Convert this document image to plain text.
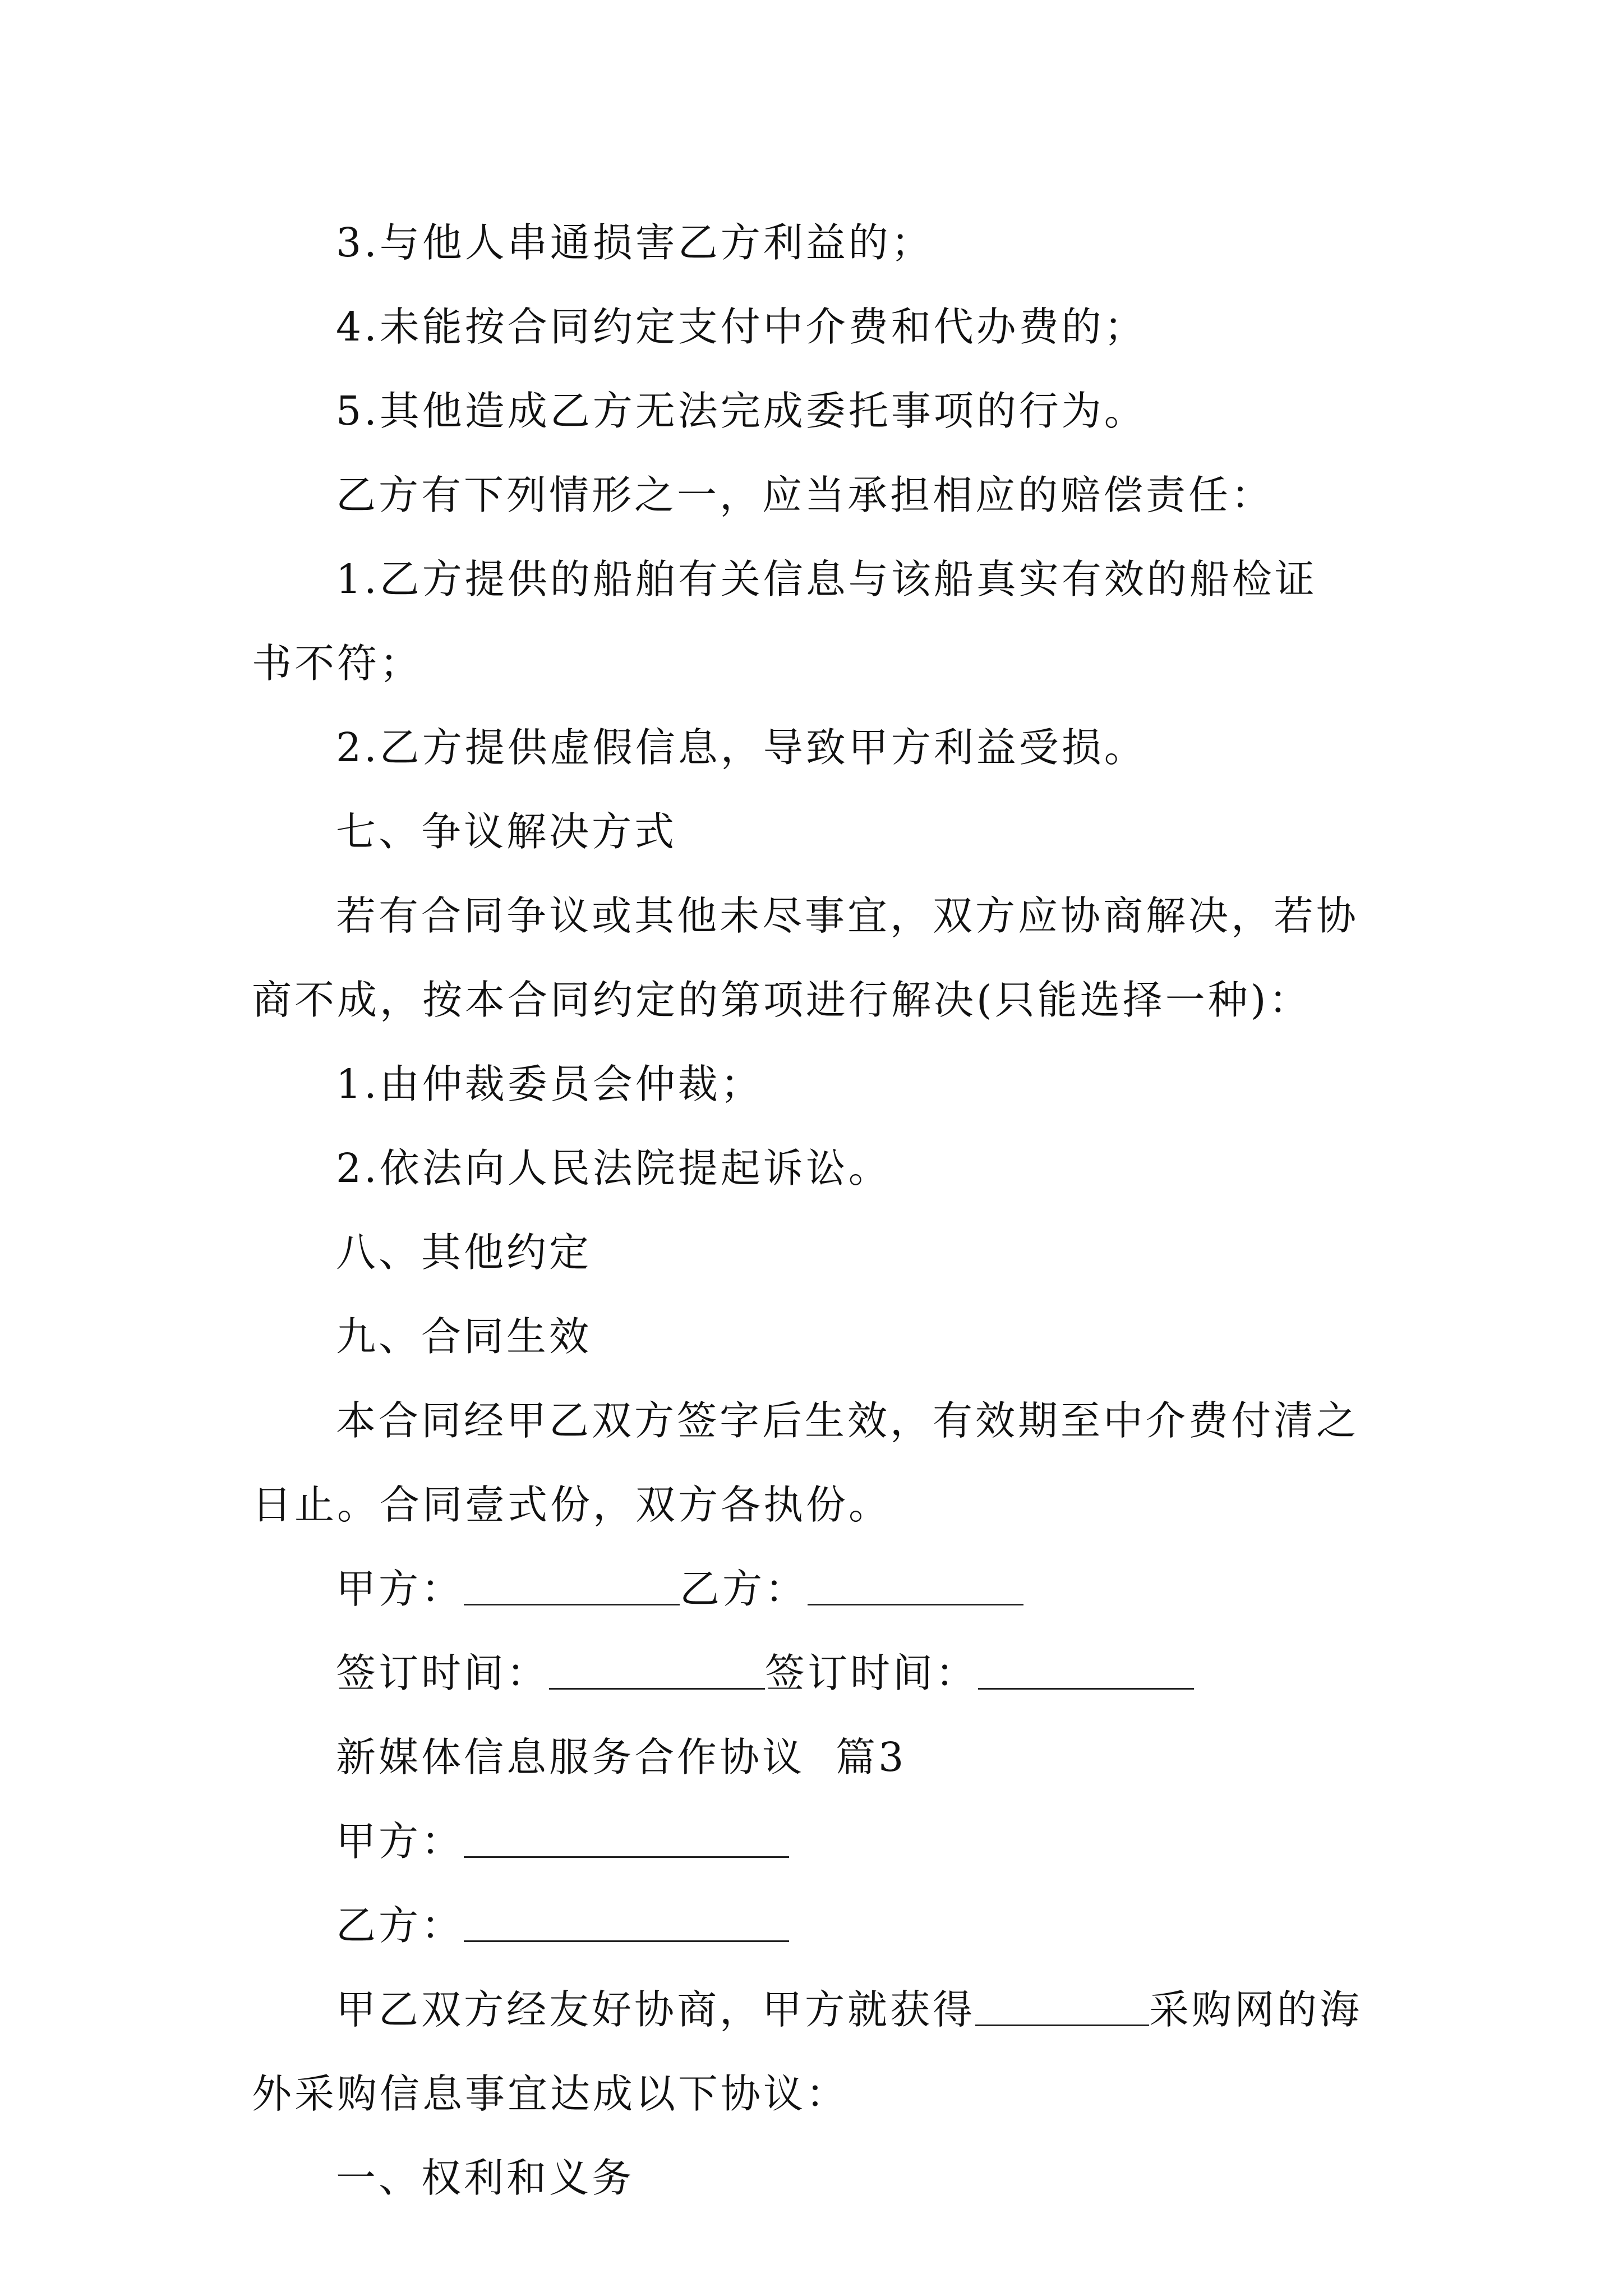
3.与他人串通损害乙方利益的；
4.未能按合同约定支付中介费和代办费的；
5.其他造成乙方无法完成委托事项的行为。
乙方有下列情形之一，应当承担相应的赔偿责任：
1.乙方提供的船舶有关信息与该船真实有效的船检证
书不符；
2.乙方提供虚假信息，导致甲方利益受损。
七、争议解决方式
若有合同争议或其他未尽事宜，双方应协商解决，若协
商不成，按本合同约定的第项进行解决(只能选择一种)：
1.由仲裁委员会仲裁；
2.依法向人民法院提起诉讼。
八、其他约定
九、合同生效
本合同经甲乙双方签字后生效，有效期至中介费付清之
日止。合同壹式份，双方各执份。
甲方：	乙方：
签订时间：	签订时间：
新媒体信息服务合作协议  篇3
甲方：
乙方：
甲乙双方经友好协商，甲方就获得	采购网的海
外采购信息事宜达成以下协议：
一、权利和义务
